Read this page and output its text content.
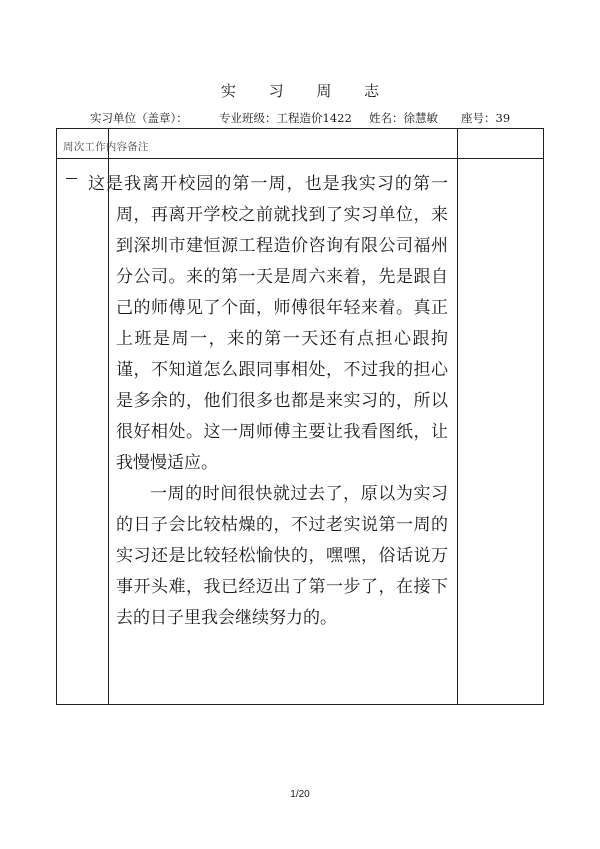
实 习 周 志
实习单位（盖章）：	专业班级：工程造价1422 姓名：徐慧敏 座号：39
周次工作内容备注

这是我离开校园的第一周，也是我实习的第一周，再离开学校之前就找到了实习单位，来到深圳市建恒源工程造价咨询有限公司福州分公司。来的第一天是周六来着，先是跟自己的师傅见了个面，师傅很年轻来着。真正上班是周一，来的第一天还有点担心跟拘谨，不知道怎么跟同事相处，不过我的担心是多余的，他们很多也都是来实习的，所以很好相处。这一周师傅主要让我看图纸，让我慢慢适应。

一周的时间很快就过去了，原以为实习的日子会比较枯燥的，不过老实说第一周的实习还是比较轻松愉快的，嘿嘿，俗话说万事开头难，我已经迈出了第一步了，在接下去的日子里我会继续努力的。

1/20
